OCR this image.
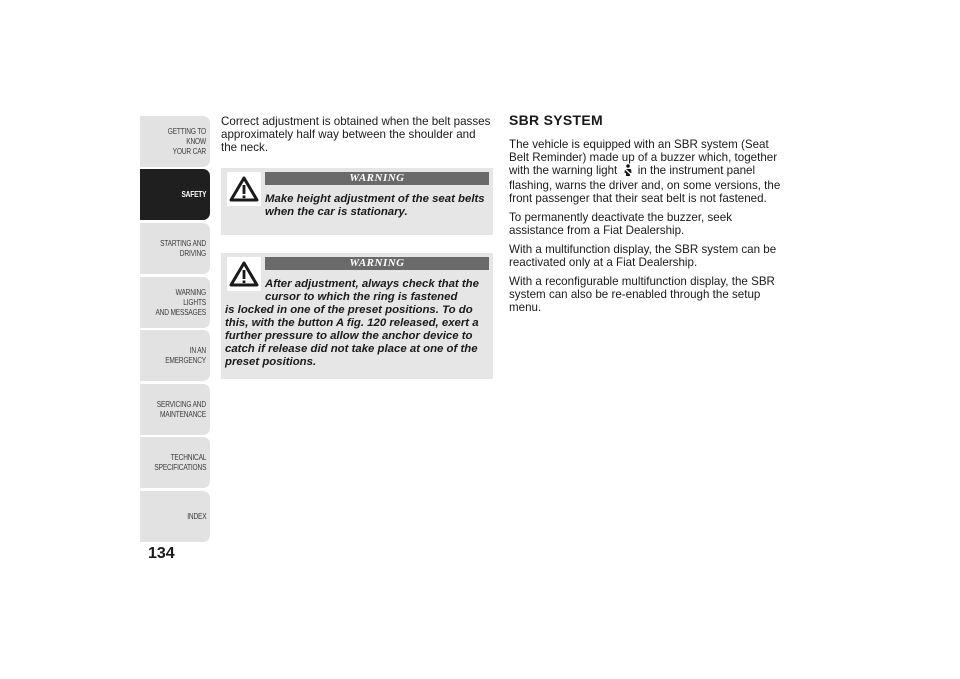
GETTING TO KNOW
YOUR CAR
SAFETY
STARTING AND
DRIVING
WARNING LIGHTS
AND MESSAGES
IN AN EMERGENCY
SERVICING AND
MAINTENANCE
TECHNICAL
SPECIFICATIONS
INDEX
134

Correct adjustment is obtained when the belt passes approximately half way between the shoulder and the neck.

WARNING
Make height adjustment of the seat belts when the car is stationary.
WARNING
After adjustment, always check that the cursor to which the ring is fastened
is locked in one of the preset positions. To do this, with the button A fig. 120 released, exert a further pressure to allow the anchor device to catch if release did not take place at one of the preset positions.
SBR SYSTEM

The vehicle is equipped with an SBR system (Seat Belt Reminder) made up of a buzzer which, together with the warning light in the instrument panel flashing, warns the driver and, on some versions, the front passenger that their seat belt is not fastened.

To permanently deactivate the buzzer, seek assistance from a Fiat Dealership.

With a multifunction display, the SBR system can be reactivated only at a Fiat Dealership.

With a reconfigurable multifunction display, the SBR system can also be re-enabled through the setup menu.
